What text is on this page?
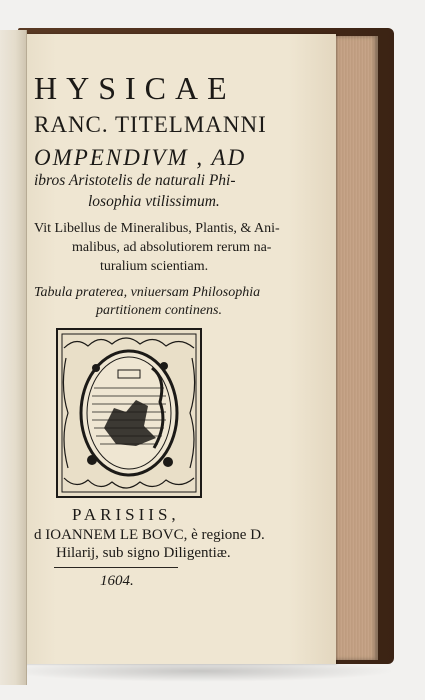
HYSICAE
RANC. TITELMANNI
OMPENDIVM , AD
ibros Aristotelis de naturali Phi-
losophia vtilissimum.
Vit Libellus de Mineralibus, Plantis, & Ani-
malibus, ad absolutiorem rerum na-
turalium scientiam.
Tabula praterea, vniuersam Philosophia
partitionem continens.
PARISIIS,
d IOANNEM LE BOVC, è regione D.
Hilarij, sub signo Diligentiæ.
1604.
